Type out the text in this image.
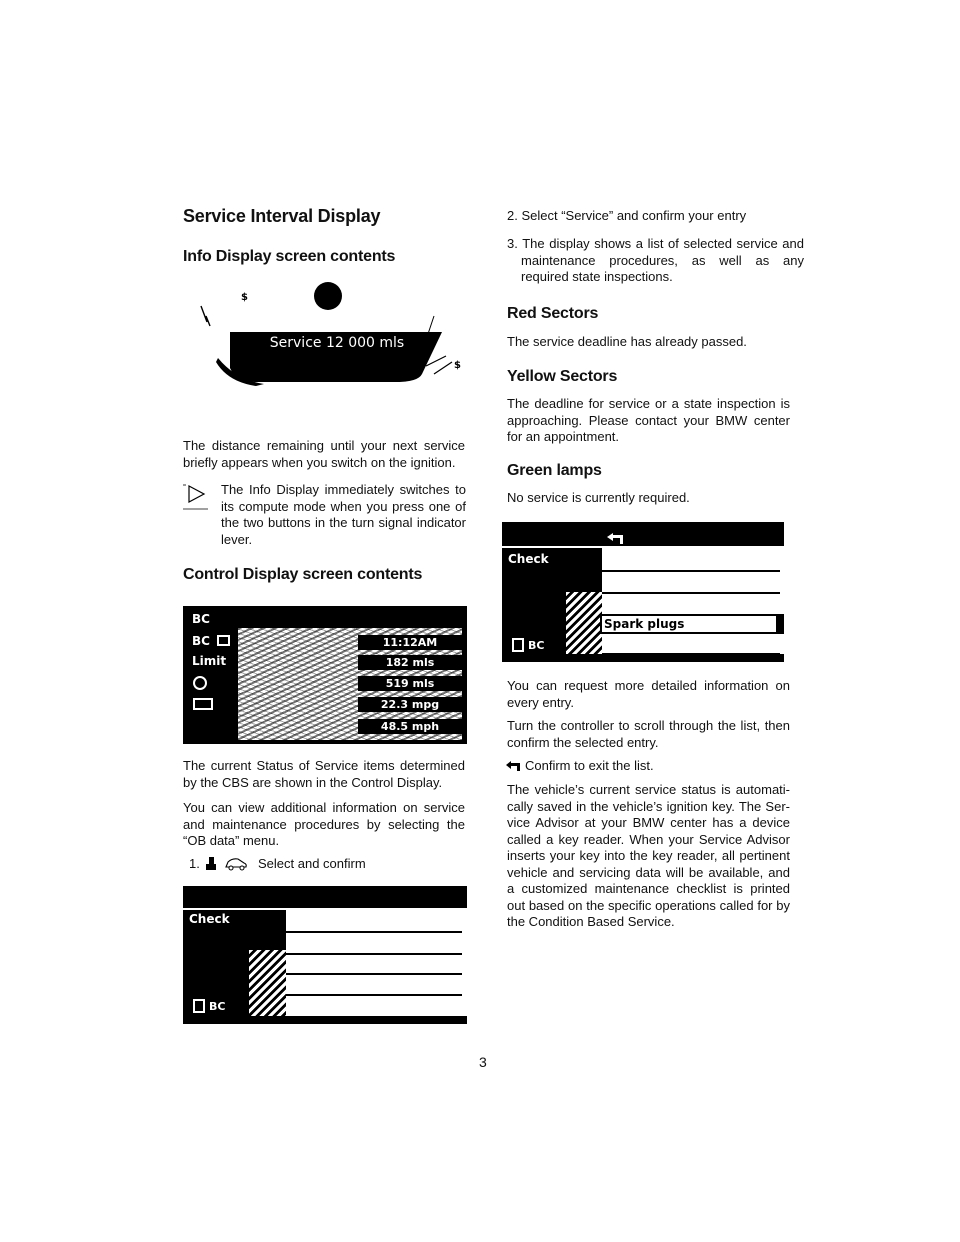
Service Interval Display
Info Display screen contents
$
$
Service 12 000 mls

The distance remaining until your next service briefly appears when you switch on the ignition.

The Info Display immediately switches to its compute mode when you press one of the two buttons in the turn signal indicator lever.

Control Display screen contents
BC
BC
Limit
11:12AM
182 mls
519 mls
22.3 mpg
48.5 mph

The current Status of Service items determined by the CBS are shown in the Control Display.

You can view additional information on service and maintenance procedures by selecting the “OB data” menu.

1.	Select and confirm
Check
BC
2. Select “Service” and confirm your entry

3. The display shows a list of selected service and maintenance procedures, as well as any required state inspections.

Red Sectors

The service deadline has already passed.

Yellow Sectors

The deadline for service or a state inspection is approaching. Please contact your BMW center for an appointment.

Green lamps

No service is currently required.

Check
Spark plugs
BC

You can request more detailed information on every entry.

Turn the controller to scroll through the list, then confirm the selected entry.

Confirm to exit the list.

The vehicle’s current service status is automati-cally saved in the vehicle’s ignition key. The Ser-vice Advisor at your BMW center has a device called a key reader. When your Service Advisor inserts your key into the key reader, all pertinent vehicle and servicing data will be available, and a customized maintenance checklist is printed out based on the specific operations called for by the Condition Based Service.

3
